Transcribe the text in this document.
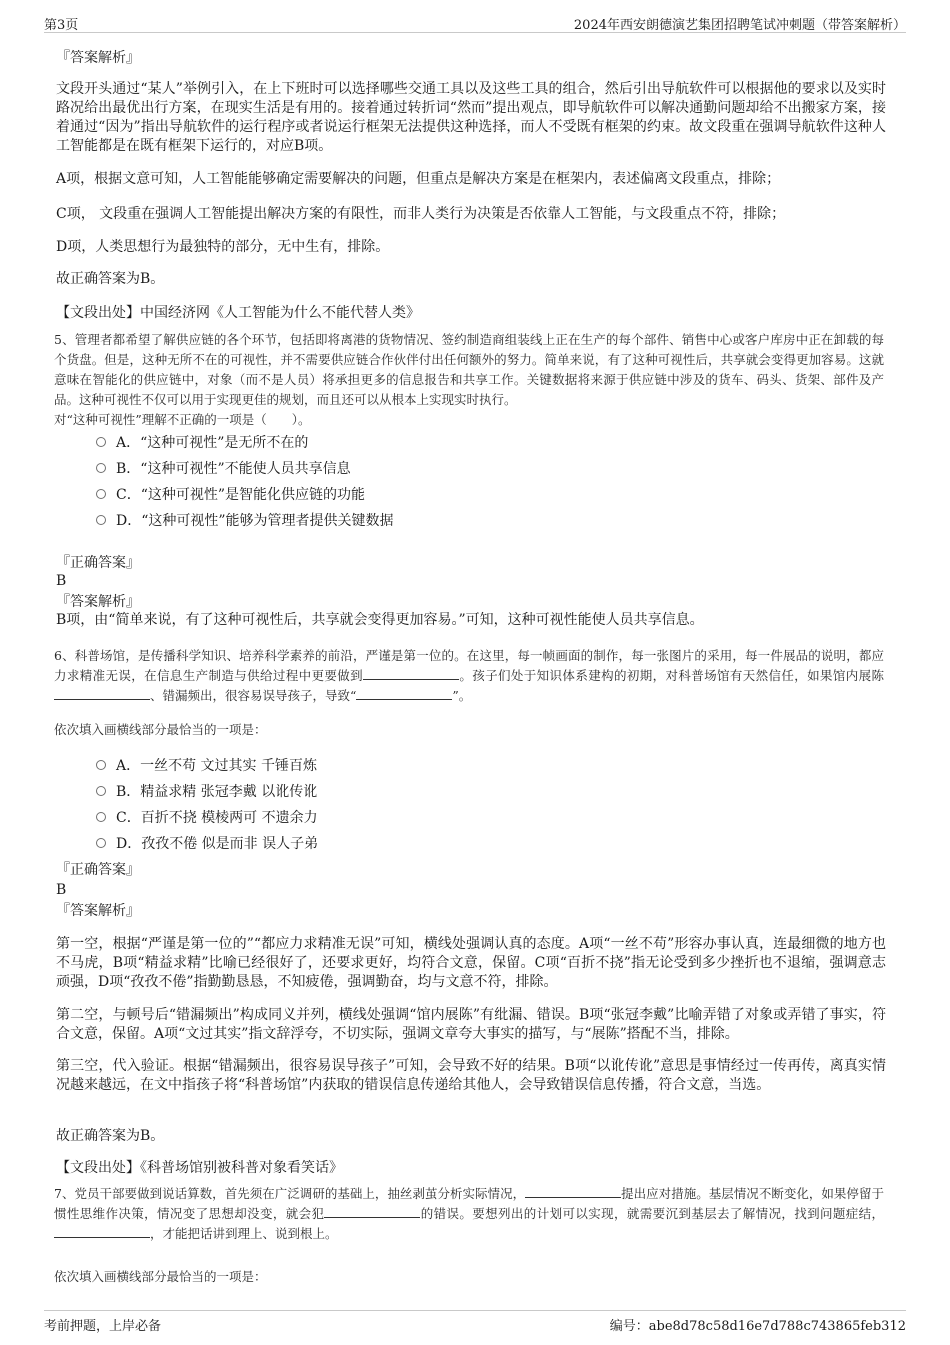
第3页	2024年西安朗德演艺集团招聘笔试冲刺题（带答案解析）

『答案解析』

文段开头通过“某人”举例引入，在上下班时可以选择哪些交通工具以及这些工具的组合，然后引出导航软件可以根据他的要求以及实时路况给出最优出行方案，在现实生活是有用的。接着通过转折词“然而”提出观点，即导航软件可以解决通勤问题却给不出搬家方案，接着通过“因为”指出导航软件的运行程序或者说运行框架无法提供这种选择，而人不受既有框架的约束。故文段重在强调导航软件这种人工智能都是在既有框架下运行的，对应B项。

A项，根据文意可知，人工智能能够确定需要解决的问题，但重点是解决方案是在框架内，表述偏离文段重点，排除；

C项， 文段重在强调人工智能提出解决方案的有限性，而非人类行为决策是否依靠人工智能，与文段重点不符，排除；

D项，人类思想行为最独特的部分，无中生有，排除。

故正确答案为B。

【文段出处】中国经济网《人工智能为什么不能代替人类》

5、管理者都希望了解供应链的各个环节，包括即将离港的货物情况、签约制造商组装线上正在生产的每个部件、销售中心或客户库房中正在卸载的每个货盘。但是，这种无所不在的可视性，并不需要供应链合作伙伴付出任何额外的努力。简单来说，有了这种可视性后，共享就会变得更加容易。这就意味在智能化的供应链中，对象（而不是人员）将承担更多的信息报告和共享工作。关键数据将来源于供应链中涉及的货车、码头、货架、部件及产品。这种可视性不仅可以用于实现更佳的规划，而且还可以从根本上实现实时执行。

对“这种可视性”理解不正确的一项是（　　）。

A．“这种可视性”是无所不在的
B．“这种可视性”不能使人员共享信息
C．“这种可视性”是智能化供应链的功能
D．“这种可视性”能够为管理者提供关键数据

『正确答案』

B

『答案解析』

B项，由“简单来说，有了这种可视性后，共享就会变得更加容易。”可知，这种可视性能使人员共享信息。

6、科普场馆，是传播科学知识、培养科学素养的前沿，严谨是第一位的。在这里，每一帧画面的制作，每一张图片的采用，每一件展品的说明，都应力求精准无误，在信息生产制造与供给过程中更要做到	。孩子们处于知识体系建构的初期，对科普场馆有天然信任，如果馆内展陈、错漏频出，很容易误导孩子，导致“	”。

依次填入画横线部分最恰当的一项是：

A．一丝不苟 文过其实 千锤百炼
B．精益求精 张冠李戴 以讹传讹
C．百折不挠 模棱两可 不遗余力
D．孜孜不倦 似是而非 误人子弟

『正确答案』

B

『答案解析』

第一空，根据“严谨是第一位的”“都应力求精准无误”可知，横线处强调认真的态度。A项“一丝不苟”形容办事认真，连最细微的地方也不马虎，B项“精益求精”比喻已经很好了，还要求更好，均符合文意，保留。C项“百折不挠”指无论受到多少挫折也不退缩，强调意志顽强，D项“孜孜不倦”指勤勤恳恳，不知疲倦，强调勤奋，均与文意不符，排除。

第二空，与顿号后“错漏频出”构成同义并列，横线处强调“馆内展陈”有纰漏、错误。B项“张冠李戴”比喻弄错了对象或弄错了事实，符合文意，保留。A项“文过其实”指文辞浮夸，不切实际，强调文章夸大事实的描写，与“展陈”搭配不当，排除。

第三空，代入验证。根据“错漏频出，很容易误导孩子”可知，会导致不好的结果。B项“以讹传讹”意思是事情经过一传再传，离真实情况越来越远，在文中指孩子将“科普场馆”内获取的错误信息传递给其他人，会导致错误信息传播，符合文意，当选。

故正确答案为B。

【文段出处】《科普场馆别被科普对象看笑话》

7、党员干部要做到说话算数，首先须在广泛调研的基础上，抽丝剥茧分析实际情况，	提出应对措施。基层情况不断变化，如果停留于惯性思维作决策，情况变了思想却没变，就会犯	的错误。要想列出的计划可以实现，就需要沉到基层去了解情况，找到问题症结，，才能把话讲到理上、说到根上。

依次填入画横线部分最恰当的一项是：

考前押题，上岸必备	编号：abe8d78c58d16e7d788c743865feb312
